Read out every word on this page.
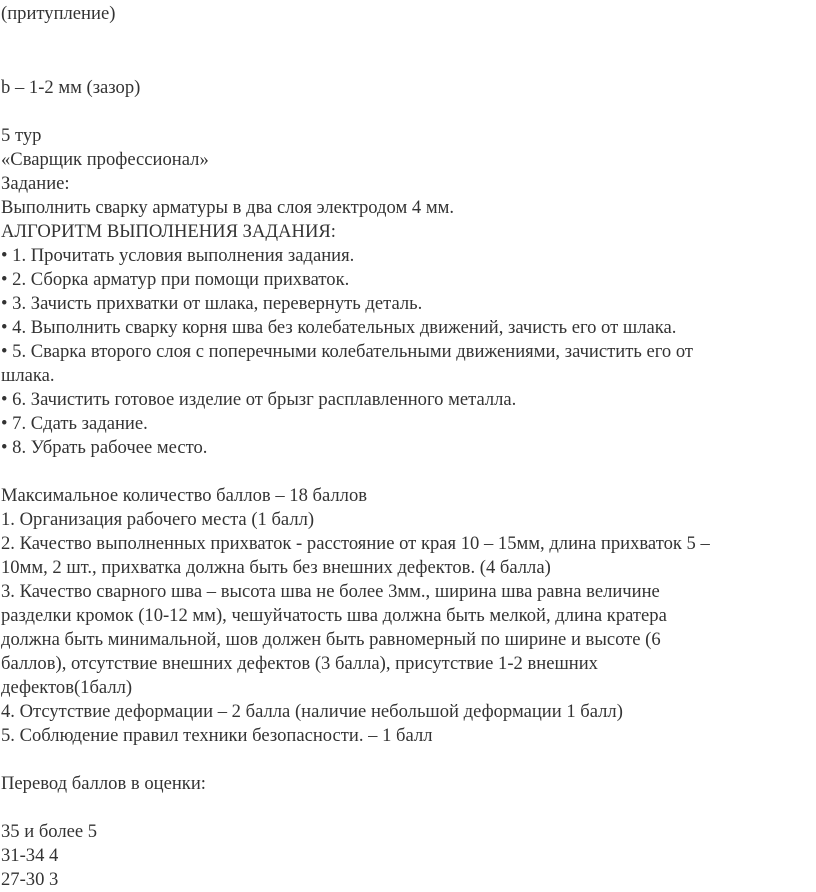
(притупление)
b – 1-2 мм (зазор)
5 тур
«Сварщик профессионал»
Задание:
Выполнить сварку арматуры в два слоя электродом 4 мм.
АЛГОРИТМ ВЫПОЛНЕНИЯ ЗАДАНИЯ:
• 1. Прочитать условия выполнения задания.
• 2. Сборка арматур при помощи прихваток.
• 3. Зачисть прихватки от шлака, перевернуть деталь.
• 4. Выполнить сварку корня шва без колебательных движений, зачисть его от шлака.
• 5. Сварка второго слоя с поперечными колебательными движениями, зачистить его от
шлака.
• 6. Зачистить готовое изделие от брызг расплавленного металла.
• 7. Сдать задание.
• 8. Убрать рабочее место.
Максимальное количество баллов – 18 баллов
1. Организация рабочего места (1 балл)
2. Качество выполненных прихваток - расстояние от края 10 – 15мм, длина прихваток 5 –
10мм, 2 шт., прихватка должна быть без внешних дефектов. (4 балла)
3. Качество сварного шва – высота шва не более 3мм., ширина шва равна величине
разделки кромок (10-12 мм), чешуйчатость шва должна быть мелкой, длина кратера
должна быть минимальной, шов должен быть равномерный по ширине и высоте (6
баллов), отсутствие внешних дефектов (3 балла), присутствие 1-2 внешних
дефектов(1балл)
4. Отсутствие деформации – 2 балла (наличие небольшой деформации 1 балл)
5. Соблюдение правил техники безопасности. – 1 балл
Перевод баллов в оценки:
35 и более 5
31-34 4
27-30 3
